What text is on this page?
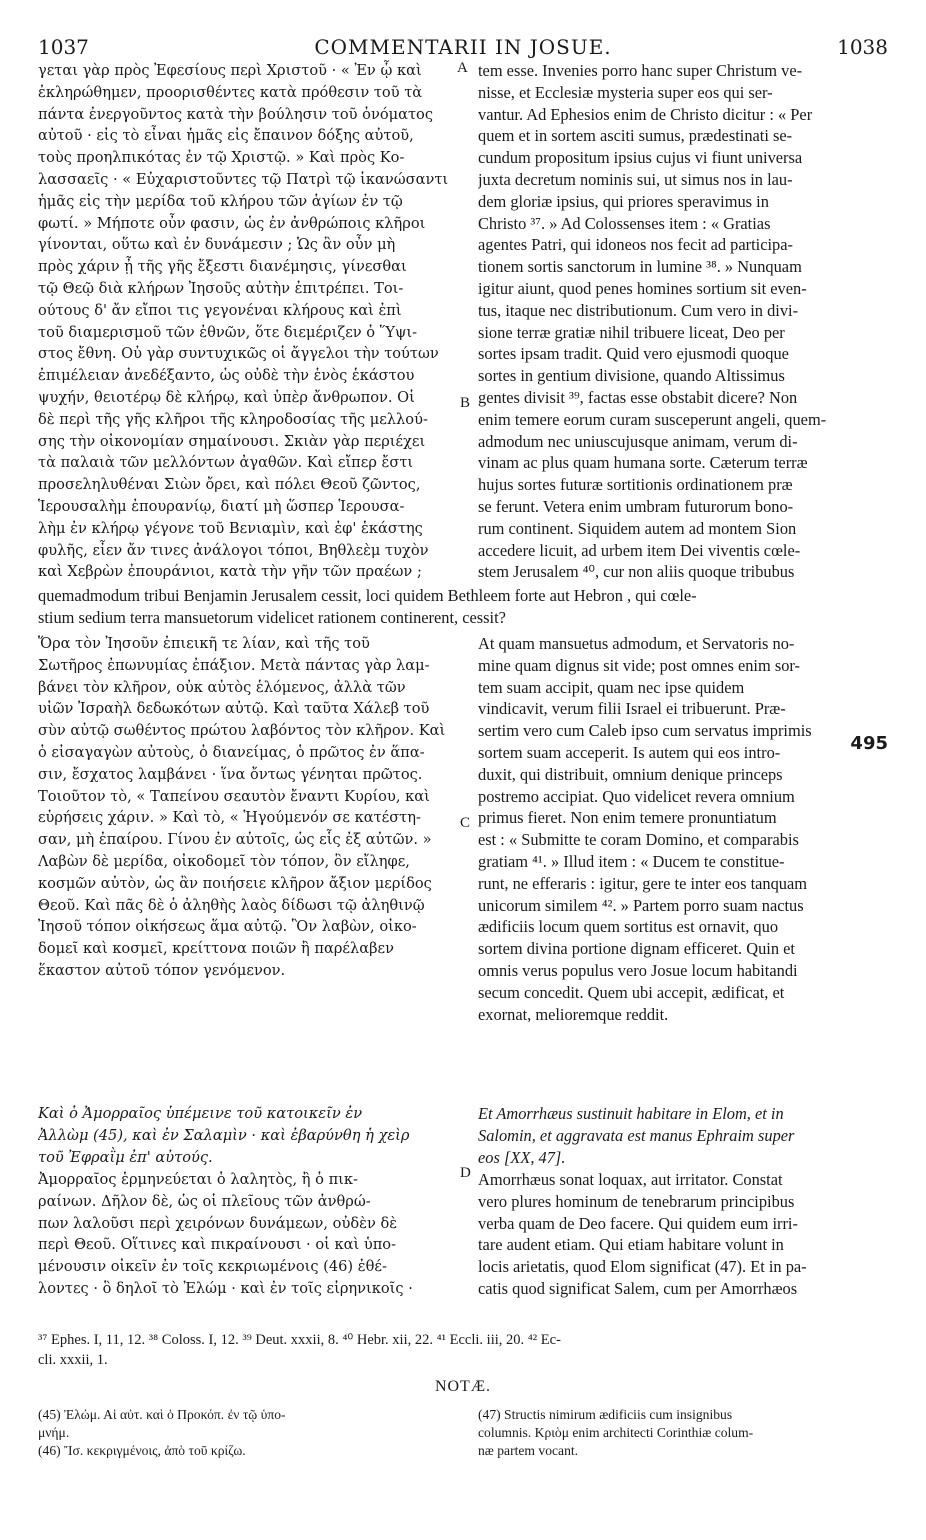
1037	COMMENTARII IN JOSUE.	1038
A
B
C
D
495
γεται γὰρ πρὸς Ἐφεσίους περὶ Χριστοῦ · « Ἐν ᾧ καὶ
ἐκληρώθημεν, προορισθέντες κατὰ πρόθεσιν τοῦ τὰ
πάντα ἐνεργοῦντος κατὰ τὴν βούλησιν τοῦ ὀνόματος
αὐτοῦ · εἰς τὸ εἶναι ἡμᾶς εἰς ἔπαινον δόξης αὐτοῦ,
τοὺς προηλπικότας ἐν τῷ Χριστῷ. » Καὶ πρὸς Κο-
λασσαεῖς · « Εὐχαριστοῦντες τῷ Πατρὶ τῷ ἱκανώσαντι
ἡμᾶς εἰς τὴν μερίδα τοῦ κλήρου τῶν ἁγίων ἐν τῷ
φωτί. » Μήποτε οὖν φασιν, ὡς ἐν ἀνθρώποις κλῆροι
γίνονται, οὕτω καὶ ἐν δυνάμεσιν ; Ὡς ἂν οὖν μὴ
πρὸς χάριν ᾖ τῆς γῆς ἔξεστι διανέμησις, γίνεσθαι
τῷ Θεῷ διὰ κλήρων Ἰησοῦς αὐτὴν ἐπιτρέπει. Τοι-
ούτους δ' ἄν εἴποι τις γεγονέναι κλήρους καὶ ἐπὶ
τοῦ διαμερισμοῦ τῶν ἐθνῶν, ὅτε διεμέριζεν ὁ Ὕψι-
στος ἔθνη. Οὐ γὰρ συντυχικῶς οἱ ἄγγελοι τὴν τούτων
ἐπιμέλειαν ἀνεδέξαντο, ὡς οὐδὲ τὴν ἑνὸς ἑκάστου
ψυχήν, θειοτέρῳ δὲ κλήρῳ, καὶ ὑπὲρ ἄνθρωπον. Οἱ
δὲ περὶ τῆς γῆς κλῆροι τῆς κληροδοσίας τῆς μελλού-
σης τὴν οἰκονομίαν σημαίνουσι. Σκιὰν γὰρ περιέχει
τὰ παλαιὰ τῶν μελλόντων ἀγαθῶν. Καὶ εἴπερ ἔστι
προσεληλυθέναι Σιὼν ὄρει, καὶ πόλει Θεοῦ ζῶντος,
Ἱερουσαλὴμ ἐπουρανίῳ, διατί μὴ ὥσπερ Ἱερουσα-
λὴμ ἐν κλήρῳ γέγονε τοῦ Βενιαμὶν, καὶ ἐφ' ἑκάστης
φυλῆς, εἶεν ἄν τινες ἀνάλογοι τόποι, Βηθλεὲμ τυχὸν
καὶ Χεβρὼν ἐπουράνιοι, κατὰ τὴν γῆν τῶν πραέων ;
tem esse. Invenies porro hanc super Christum ve-
nisse, et Ecclesiæ mysteria super eos qui ser-
vantur. Ad Ephesios enim de Christo dicitur : « Per
quem et in sortem asciti sumus, prædestinati se-
cundum propositum ipsius cujus vi fiunt universa
juxta decretum nominis sui, ut simus nos in lau-
dem gloriæ ipsius, qui priores speravimus in
Christo ³⁷. » Ad Colossenses item : « Gratias
agentes Patri, qui idoneos nos fecit ad participa-
tionem sortis sanctorum in lumine ³⁸. » Nunquam
igitur aiunt, quod penes homines sortium sit even-
tus, itaque nec distributionum. Cum vero in divi-
sione terræ gratiæ nihil tribuere liceat, Deo per
sortes ipsam tradit. Quid vero ejusmodi quoque
sortes in gentium divisione, quando Altissimus
gentes divisit ³⁹, factas esse obstabit dicere? Non
enim temere eorum curam susceperunt angeli, quem-
admodum nec uniuscujusque animam, verum di-
vinam ac plus quam humana sorte. Cæterum terræ
hujus sortes futuræ sortitionis ordinationem præ
se ferunt. Vetera enim umbram futurorum bono-
rum continent. Siquidem autem ad montem Sion
accedere licuit, ad urbem item Dei viventis cœle-
stem Jerusalem ⁴⁰, cur non aliis quoque tribubus
quemadmodum tribui Benjamin Jerusalem cessit, loci quidem Bethleem forte aut Hebron , qui cœle-
stium sedium terra mansuetorum videlicet rationem continerent, cessit?
Ὅρα τὸν Ἰησοῦν ἐπιεικῆ τε λίαν, καὶ τῆς τοῦ
Σωτῆρος ἐπωνυμίας ἐπάξιον. Μετὰ πάντας γὰρ λαμ-
βάνει τὸν κλῆρον, οὐκ αὐτὸς ἑλόμενος, ἀλλὰ τῶν
υἱῶν Ἰσραὴλ δεδωκότων αὐτῷ. Καὶ ταῦτα Χάλεβ τοῦ
σὺν αὐτῷ σωθέντος πρώτου λαβόντος τὸν κλῆρον. Καὶ
ὁ εἰσαγαγὼν αὐτοὺς, ὁ διανείμας, ὁ πρῶτος ἐν ἅπα-
σιν, ἔσχατος λαμβάνει · ἵνα ὄντως γένηται πρῶτος.
Τοιοῦτον τὸ, « Ταπείνου σεαυτὸν ἔναντι Κυρίου, καὶ
εὑρήσεις χάριν. » Καὶ τὸ, « Ἡγούμενόν σε κατέστη-
σαν, μὴ ἐπαίρου. Γίνου ἐν αὐτοῖς, ὡς εἷς ἐξ αὐτῶν. »
Λαβὼν δὲ μερίδα, οἰκοδομεῖ τὸν τόπον, ὃν εἴληφε,
κοσμῶν αὐτὸν, ὡς ἂν ποιήσειε κλῆρον ἄξιον μερίδος
Θεοῦ. Καὶ πᾶς δὲ ὁ ἀληθὴς λαὸς δίδωσι τῷ ἀληθινῷ
Ἰησοῦ τόπον οἰκήσεως ἅμα αὐτῷ. Ὃν λαβὼν, οἰκο-
δομεῖ καὶ κοσμεῖ, κρείττονα ποιῶν ἢ παρέλαβεν
ἕκαστον αὐτοῦ τόπον γενόμενον.
At quam mansuetus admodum, et Servatoris no-
mine quam dignus sit vide; post omnes enim sor-
tem suam accipit, quam nec ipse quidem
vindicavit, verum filii Israel ei tribuerunt. Præ-
sertim vero cum Caleb ipso cum servatus imprimis
sortem suam acceperit. Is autem qui eos intro-
duxit, qui distribuit, omnium denique princeps
postremo accipiat. Quo videlicet revera omnium
primus fieret. Non enim temere pronuntiatum
est : « Submitte te coram Domino, et comparabis
gratiam ⁴¹. » Illud item : « Ducem te constitue-
runt, ne efferaris : igitur, gere te inter eos tanquam
unicorum similem ⁴². » Partem porro suam nactus
ædificiis locum quem sortitus est ornavit, quo
sortem divina portione dignam efficeret. Quin et
omnis verus populus vero Josue locum habitandi
secum concedit. Quem ubi accepit, ædificat, et
exornat, melioremque reddit.
Καὶ ὁ Ἀμορραῖος ὑπέμεινε τοῦ κατοικεῖν ἐν
Ἀλλὼμ (45), καὶ ἐν Σαλαμὶν · καὶ ἐβαρύνθη ἡ χεὶρ
τοῦ Ἐφραῒμ ἐπ' αὐτούς.
Et Amorrhæus sustinuit habitare in Elom, et in
Salomin, et aggravata est manus Ephraim super
eos [XX, 47].
Ἀμορραῖος ἑρμηνεύεται ὁ λαλητὸς, ἢ ὁ πικ-
ραίνων. Δῆλον δὲ, ὡς οἱ πλεῖους τῶν ἀνθρώ-
πων λαλοῦσι περὶ χειρόνων δυνάμεων, οὐδὲν δὲ
περὶ Θεοῦ. Οἵτινες καὶ πικραίνουσι · οἱ καὶ ὑπο-
μένουσιν οἰκεῖν ἐν τοῖς κεκριωμένοις (46) ἐθέ-
λοντες · ὃ δηλοῖ τὸ Ἐλώμ · καὶ ἐν τοῖς εἰρηνικοῖς ·
Amorrhæus sonat loquax, aut irritator. Constat
vero plures hominum de tenebrarum principibus
verba quam de Deo facere. Qui quidem eum irri-
tare audent etiam. Qui etiam habitare volunt in
locis arietatis, quod Elom significat (47). Et in pa-
catis quod significat Salem, cum per Amorrhæos
³⁷ Ephes. I, 11, 12. ³⁸ Coloss. I, 12. ³⁹ Deut. xxxii, 8. ⁴⁰ Hebr. xii, 22. ⁴¹ Eccli. iii, 20. ⁴² Ec-
cli. xxxii, 1.
NOTÆ.
(45) Ἐλώμ. Αἱ αὐτ. καὶ ὁ Προκόπ. ἐν τῷ ὑπο-
μνήμ.
(46) Ἴσ. κεκριγμένοις, ἀπὸ τοῦ κρίζω.
(47) Structis nimirum ædificiis cum insignibus
columnis. Κριὸμ enim architecti Corinthiæ colum-
næ partem vocant.
